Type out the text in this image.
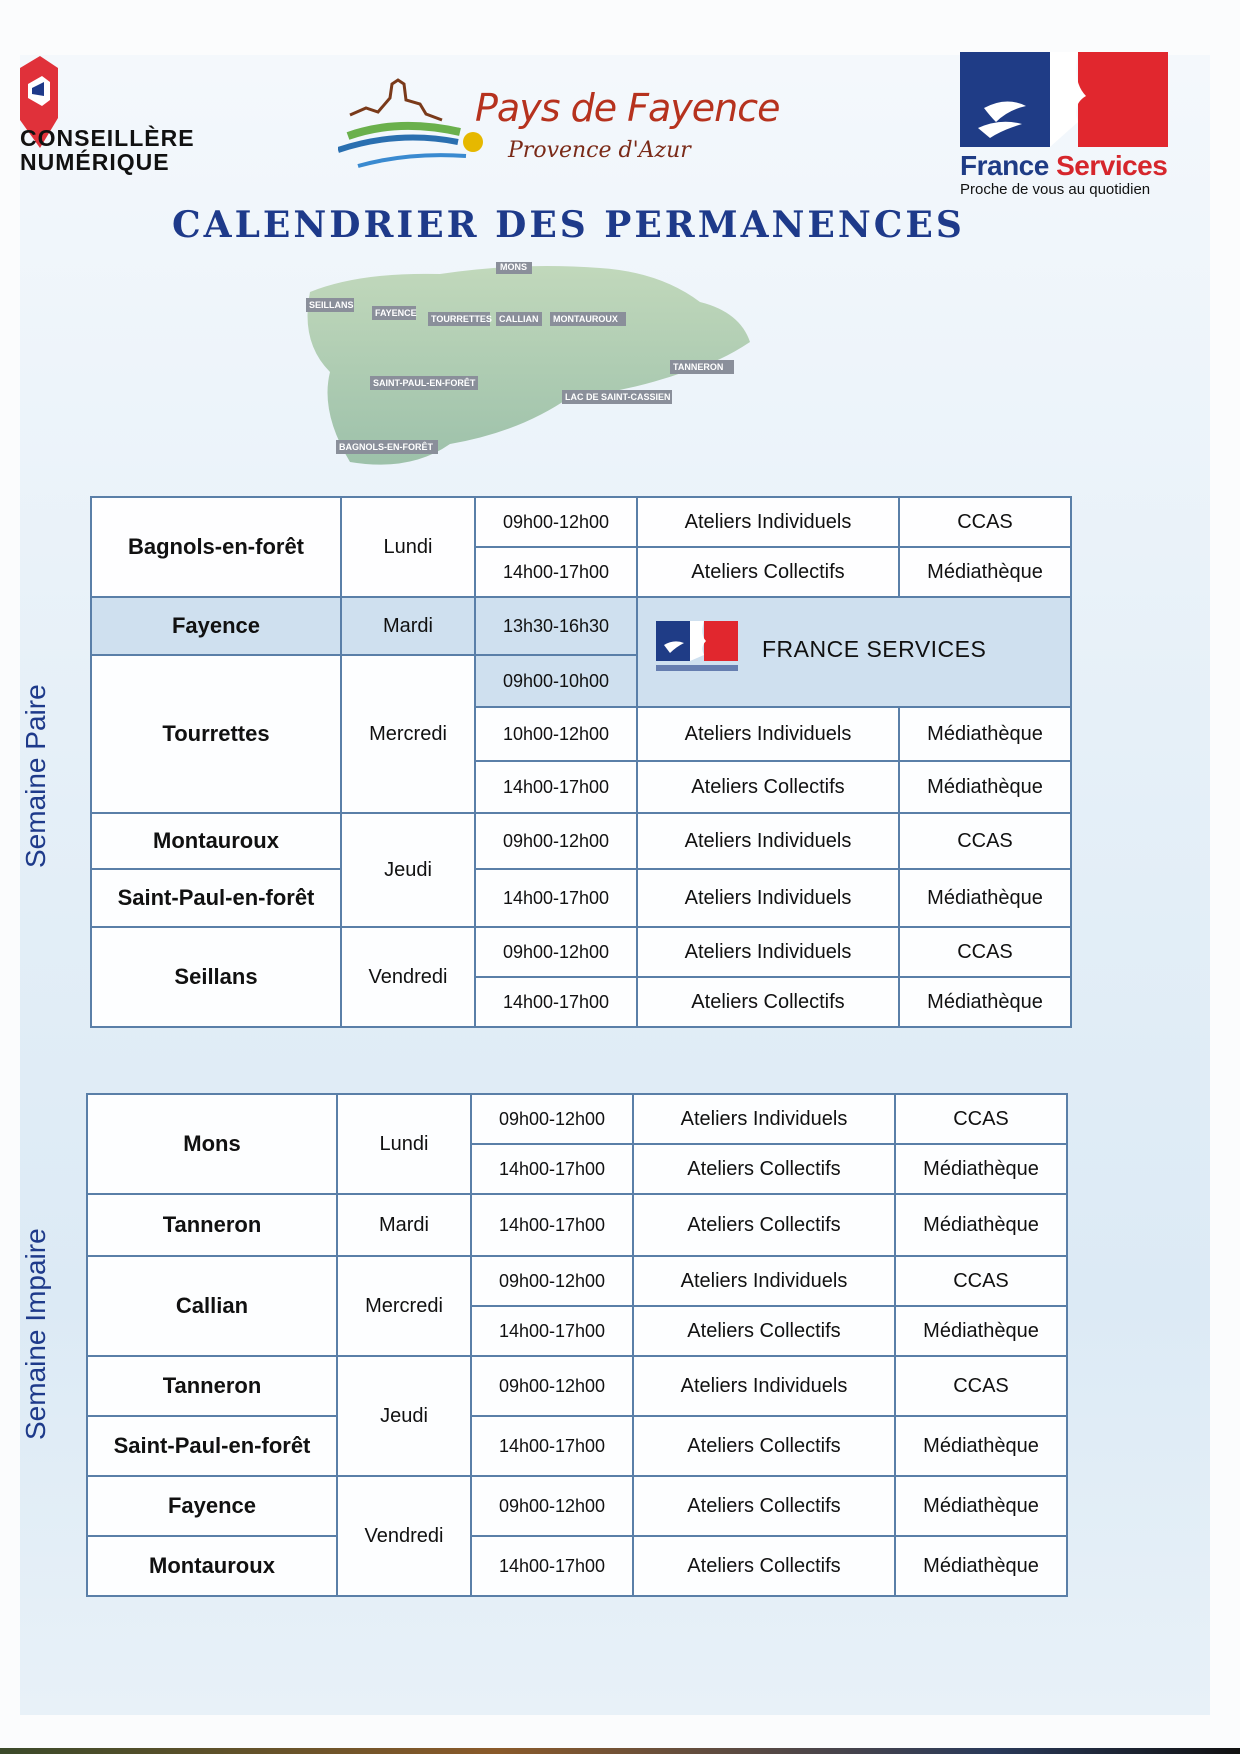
CONSEILLÈRE
NUMÉRIQUE
Pays de Fayence
Provence d'Azur	France Services
Proche de vous au quotidien
CALENDRIER DES PERMANENCES
SEILLANS
FAYENCE
MONS
TOURRETTES CALLIAN MONTAUROUX
TANNERON
SAINT-PAUL-EN-FORÊT
LAC DE SAINT-CASSIEN
BAGNOLS-EN-FORÊT
Semaine Paire
Semaine Impaire
Bagnols-en-forêt	Lundi	09h00-12h00	Ateliers Individuels	CCAS
		14h00-17h00	Ateliers Collectifs	Médiathèque
Fayence	Mardi	13h30-16h30	FRANCE SERVICES	

Tourrettes	Mercredi	09h00-10h00		
		10h00-12h00	Ateliers Individuels	Médiathèque
		14h00-17h00	Ateliers Collectifs	Médiathèque
Montauroux	Jeudi	09h00-12h00	Ateliers Individuels	CCAS
Saint-Paul-en-forêt		14h00-17h00	Ateliers Individuels	Médiathèque
Seillans	Vendredi	09h00-12h00	Ateliers Individuels	CCAS
		14h00-17h00	Ateliers Collectifs	Médiathèque
Mons	Lundi	09h00-12h00	Ateliers Individuels	CCAS
		14h00-17h00	Ateliers Collectifs	Médiathèque
Tanneron	Mardi	14h00-17h00	Ateliers Collectifs	Médiathèque
Callian	Mercredi	09h00-12h00	Ateliers Individuels	CCAS
		14h00-17h00	Ateliers Collectifs	Médiathèque
Tanneron	Jeudi	09h00-12h00	Ateliers Individuels	CCAS
Saint-Paul-en-forêt		14h00-17h00	Ateliers Collectifs	Médiathèque
Fayence	Vendredi	09h00-12h00	Ateliers Collectifs	Médiathèque
Montauroux		14h00-17h00	Ateliers Collectifs	Médiathèque
